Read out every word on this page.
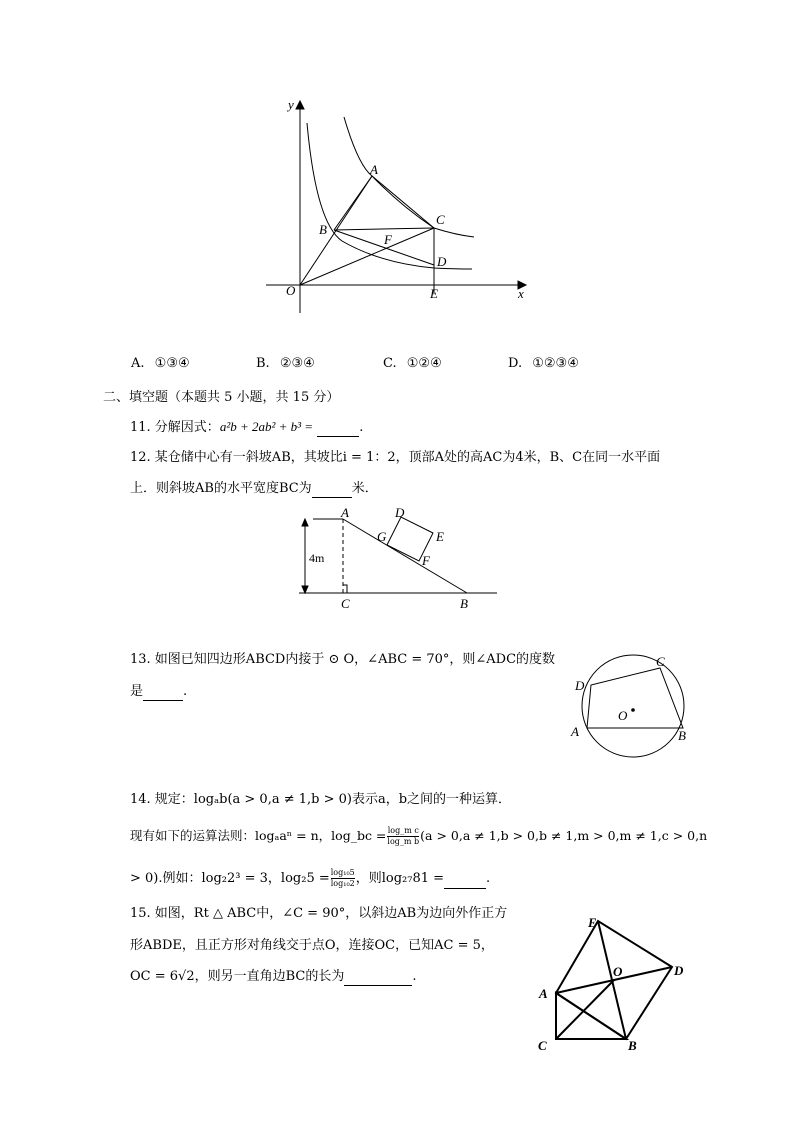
y
x
O
A
B
C
D
E
F
A. ①③④	B. ②③④	C. ①②④	D. ①②③④
二、填空题（本题共 5 小题，共 15 分）
11. 分解因式：a²b + 2ab² + b³ =	.
12. 某仓储中心有一斜坡AB，其坡比i = 1：2，顶部A处的高AC为4米，B、C在同一水平面
上．则斜坡AB的水平宽度BC为	米．
A
C	B
D
E
F
G
4m
13. 如图已知四边形ABCD内接于 ⊙ O，∠ABC = 70°，则∠ADC的度数
是	.
A	B
C
D
O
14. 规定：logₐb(a > 0,a ≠ 1,b > 0)表示a，b之间的一种运算．
现有如下的运算法则：logₐaⁿ = n，log_bc = $\frac{\text{log\_m c}}{\text{log\_m b}} (a > 0,a \ne 1,b > 0,b \ne 1,m > 0,m \ne 1,c > 0,n$
> 0).例如：log₂2³ = 3，$\log_25 = \frac{\text{log₁₀5}}{\text{log₁₀2}}$ ，则log₂₇81 =	.
15. 如图，Rt △ ABC中，∠C = 90°，以斜边AB为边向外作正方
形ABDE，且正方形对角线交于点O，连接OC，已知AC = 5，
OC = 6√2，则另一直角边BC的长为	.
E
D
O
A
C	B
